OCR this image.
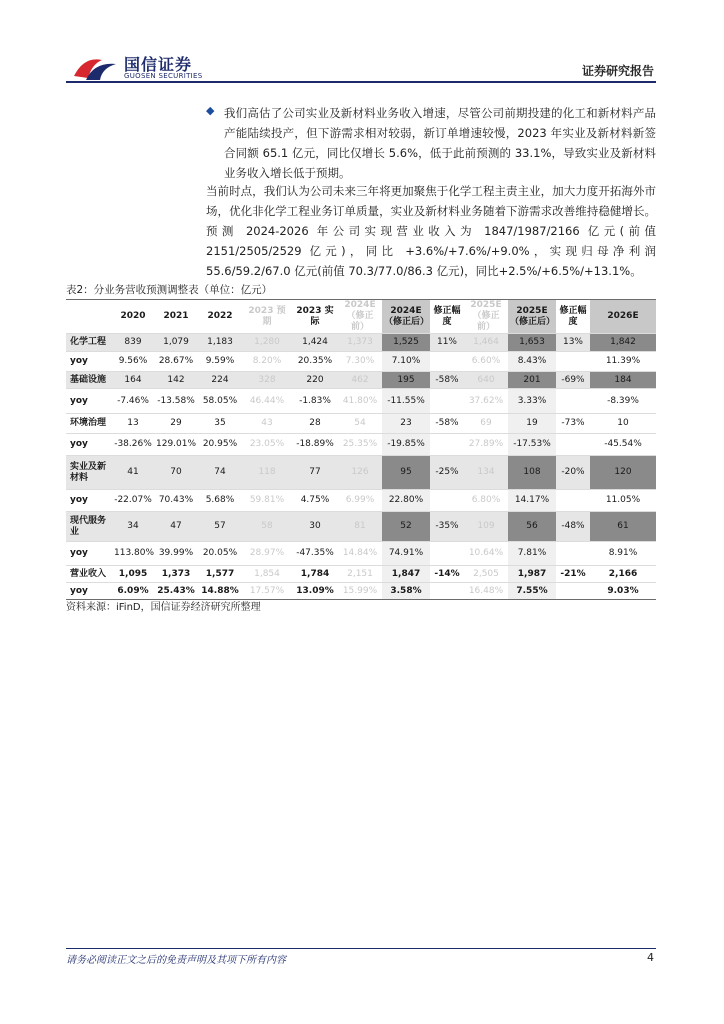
国信证券
GUOSEN SECURITIES	证券研究报告
◆ 我们高估了公司实业及新材料业务收入增速，尽管公司前期投建的化工和新材料产品产能陆续投产，但下游需求相对较弱，新订单增速较慢，2023 年实业及新材料新签合同额 65.1 亿元，同比仅增长 5.6%，低于此前预测的 33.1%，导致实业及新材料业务收入增长低于预期。
当前时点，我们认为公司未来三年将更加聚焦于化学工程主责主业，加大力度开拓海外市场，优化非化学工程业务订单质量，实业及新材料业务随着下游需求改善维持稳健增长。预测 2024-2026 年公司实现营业收入为 1847/1987/2166 亿元(前值 2151/2505/2529 亿元)，同比 +3.6%/+7.6%/+9.0%，实现归母净利润 55.6/59.2/67.0 亿元(前值 70.3/77.0/86.3 亿元)，同比+2.5%/+6.5%/+13.1%。
表2：分业务营收预测调整表（单位：亿元）
	2020	2021	2022	2023 预期	2023 实际	2024E（修正前）	2024E（修正后）	修正幅度	2025E（修正前）	2025E（修正后）	修正幅度	2026E
化学工程	839	1,079	1,183	1,280	1,424	1,373	1,525	11%	1,464	1,653	13%	1,842
yoy	9.56%	28.67%	9.59%	8.20%	20.35%	7.30%	7.10%		6.60%	8.43%		11.39%
基础设施	164	142	224	328	220	462	195	-58%	640	201	-69%	184
yoy	-7.46%	-13.58%	58.05%	46.44%	-1.83%	41.80%	-11.55%		37.62%	3.33%		-8.39%
环境治理	13	29	35	43	28	54	23	-58%	69	19	-73%	10
yoy	-38.26%	129.01%	20.95%	23.05%	-18.89%	25.35%	-19.85%		27.89%	-17.53%		-45.54%
实业及新材料	41	70	74	118	77	126	95	-25%	134	108	-20%	120
yoy	-22.07%	70.43%	5.68%	59.81%	4.75%	6.99%	22.80%		6.80%	14.17%		11.05%
现代服务业	34	47	57	58	30	81	52	-35%	109	56	-48%	61
yoy	113.80%	39.99%	20.05%	28.97%	-47.35%	14.84%	74.91%		10.64%	7.81%		8.91%
营业收入	1,095	1,373	1,577	1,854	1,784	2,151	1,847	-14%	2,505	1,987	-21%	2,166
yoy	6.09%	25.43%	14.88%	17.57%	13.09%	15.99%	3.58%		16.48%	7.55%		9.03%
资料来源：iFinD，国信证券经济研究所整理
请务必阅读正文之后的免责声明及其项下所有内容	4
